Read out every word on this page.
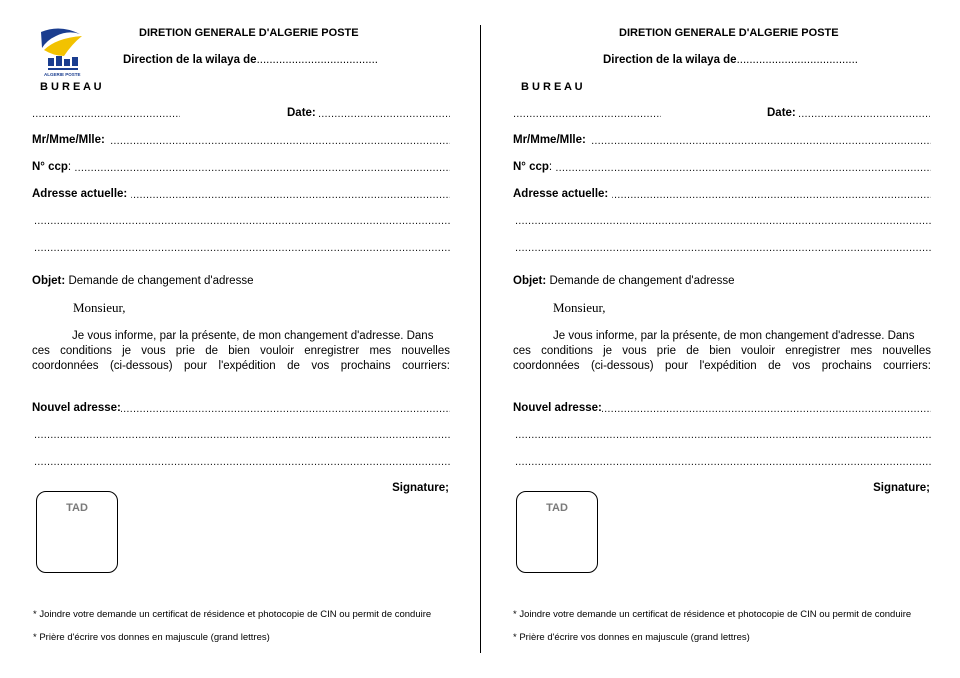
ALGERIE POSTE
DIRETION GENERALE D'ALGERIE POSTE
Direction de la wilaya de......................................
B U R E A U
.....
Date:
.....
.....
Mr/Mme/Mlle:
.....
N° ccp:
.....
Adresse actuelle:
.....
.....
Objet: Demande de changement d'adresse
Monsieur,
Je vous informe, par la présente, de mon changement d'adresse. Dans
ces conditions je vous prie de bien vouloir enregistrer mes nouvelles
coordonnées (ci-dessous) pour l'expédition de vos prochains courriers:
.....
Nouvel adresse:
.....
.....
Signature;
TAD
* Joindre votre demande un certificat de résidence et photocopie de CIN ou permit de conduire
* Prière d'écrire vos donnes en majuscule (grand lettres)
DIRETION GENERALE D'ALGERIE POSTE
Direction de la wilaya de......................................
B U R E A U
.....
Date:
.....
.....
Mr/Mme/Mlle:
.....
N° ccp:
.....
Adresse actuelle:
.....
.....
Objet: Demande de changement d'adresse
Monsieur,
Je vous informe, par la présente, de mon changement d'adresse. Dans
ces conditions je vous prie de bien vouloir enregistrer mes nouvelles
coordonnées (ci-dessous) pour l'expédition de vos prochains courriers:
.....
Nouvel adresse:
.....
.....
Signature;
TAD
* Joindre votre demande un certificat de résidence et photocopie de CIN ou permit de conduire
* Prière d'écrire vos donnes en majuscule (grand lettres)
